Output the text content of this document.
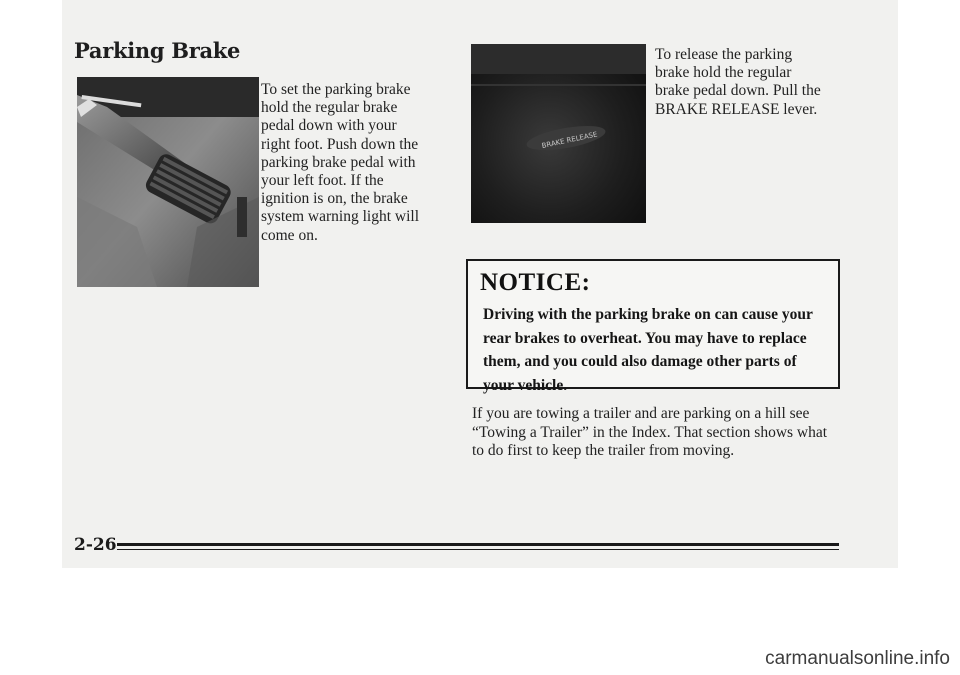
Parking Brake

To set the parking brake hold the regular brake pedal down with your right foot. Push down the parking brake pedal with your left foot. If the ignition is on, the brake system warning light will come on.

BRAKE RELEASE

To release the parking brake hold the regular brake pedal down. Pull the BRAKE RELEASE lever.

NOTICE:

Driving with the parking brake on can cause your rear brakes to overheat. You may have to replace them, and you could also damage other parts of your vehicle.

If you are towing a trailer and are parking on a hill see “Towing a Trailer” in the Index. That section shows what to do first to keep the trailer from moving.

2-26
carmanualsonline.info
